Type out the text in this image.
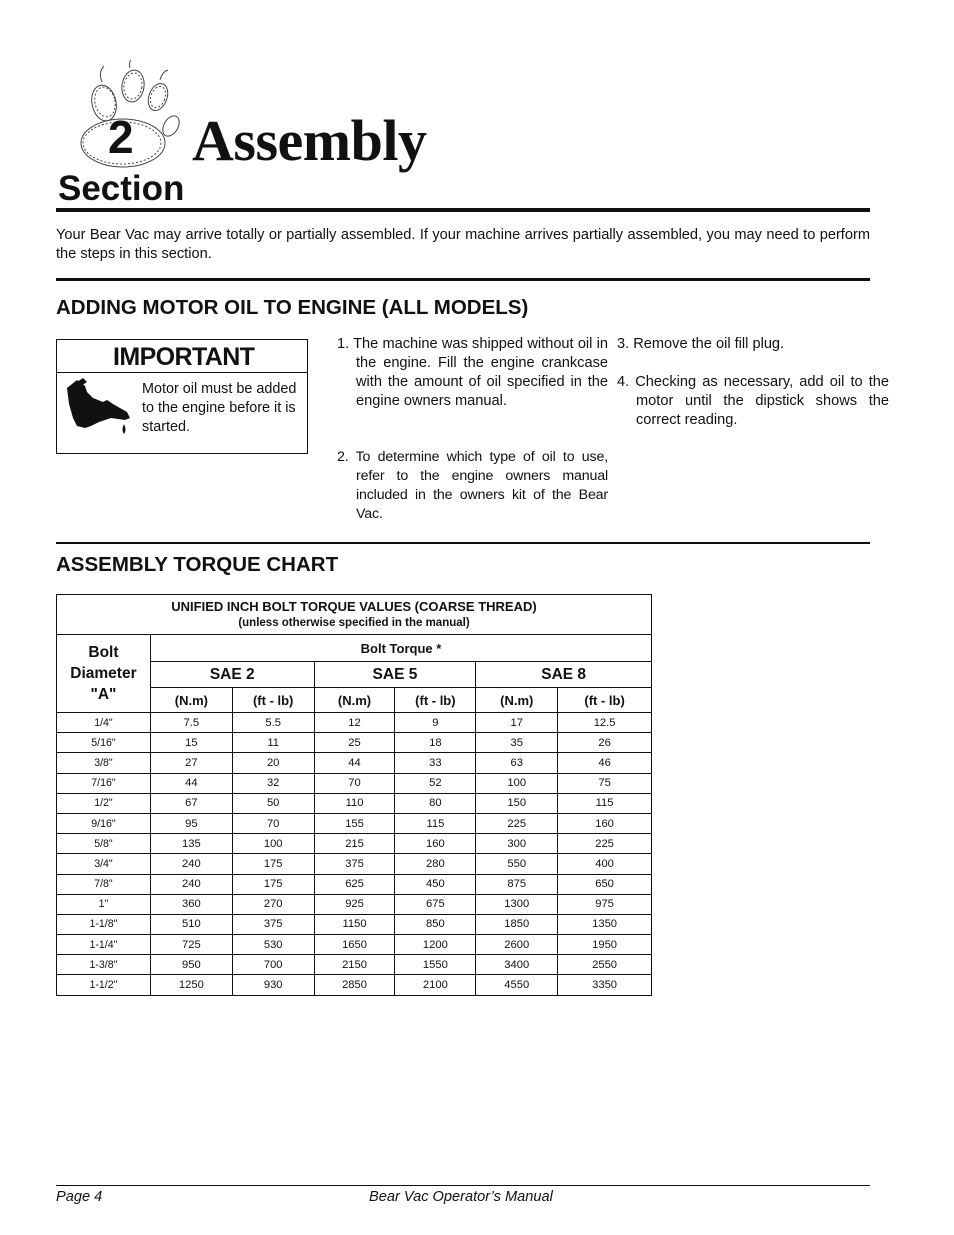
2 Assembly
Section
Your Bear Vac may arrive totally or partially assembled. If your machine arrives partially assembled, you may need to perform the steps in this section.
ADDING MOTOR OIL TO ENGINE (ALL MODELS)
IMPORTANT
Motor oil must be added to the engine before it is started.
1. The machine was shipped without oil in the engine. Fill the engine crankcase with the amount of oil specified in the engine owners manual.
2. To determine which type of oil to use, refer to the engine owners manual included in the owners kit of the Bear Vac.
3. Remove the oil fill plug.
4. Checking as necessary, add oil to the motor until the dipstick shows the correct reading.
ASSEMBLY TORQUE CHART
UNIFIED INCH BOLT TORQUE VALUES (COARSE THREAD)
(unless otherwise specified in the manual)						

Bolt
Diameter
"A"	Bolt Torque *					
	SAE 2		SAE 5		SAE 8	
	(N.m)	(ft - lb)	(N.m)	(ft - lb)	(N.m)	(ft - lb)
1/4"	7.5	5.5	12	9	17	12.5
5/16"	15	11	25	18	35	26
3/8"	27	20	44	33	63	46
7/16"	44	32	70	52	100	75
1/2"	67	50	110	80	150	115
9/16"	95	70	155	115	225	160
5/8"	135	100	215	160	300	225
3/4"	240	175	375	280	550	400
7/8"	240	175	625	450	875	650
1"	360	270	925	675	1300	975
1-1/8"	510	375	1150	850	1850	1350
1-1/4"	725	530	1650	1200	2600	1950
1-3/8"	950	700	2150	1550	3400	2550
1-1/2"	1250	930	2850	2100	4550	3350
Page 4	Bear Vac Operator’s Manual
